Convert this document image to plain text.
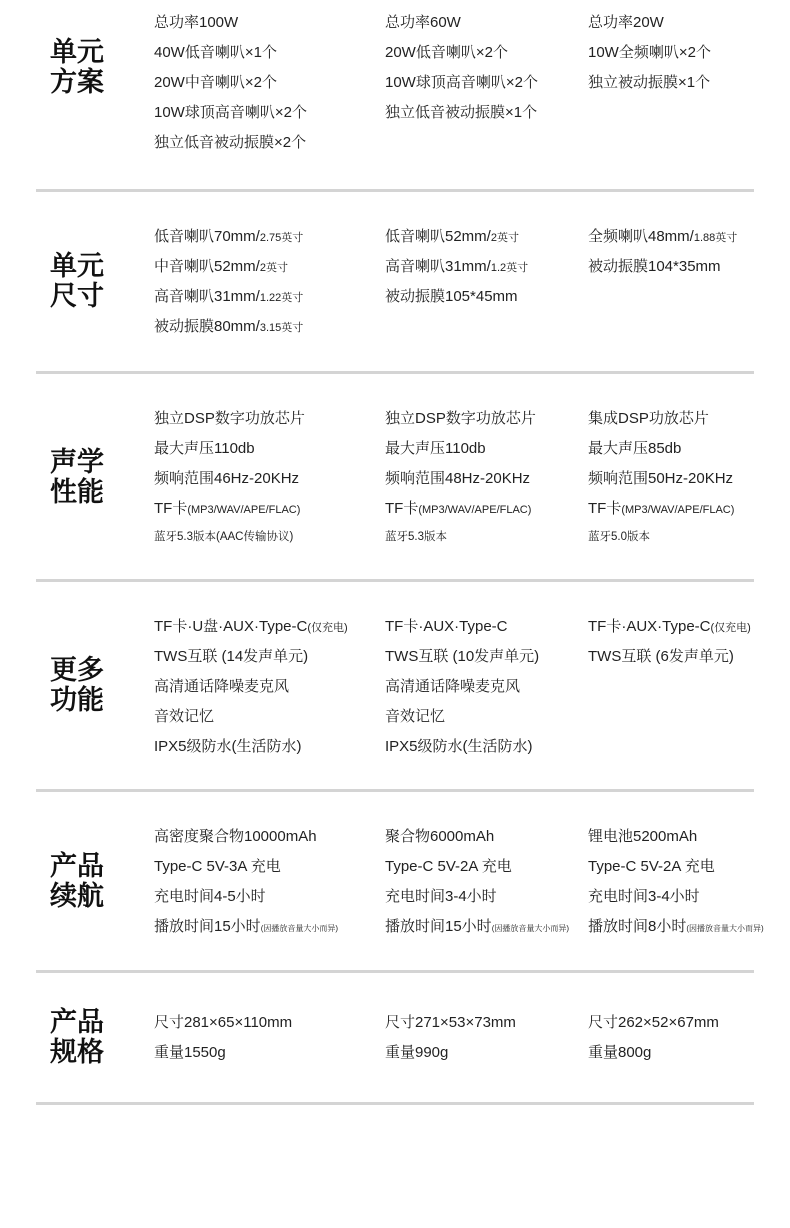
单元
方案
总功率100W
40W低音喇叭×1个
20W中音喇叭×2个
10W球顶高音喇叭×2个
独立低音被动振膜×2个
总功率60W
20W低音喇叭×2个
10W球顶高音喇叭×2个
独立低音被动振膜×1个
总功率20W
10W全频喇叭×2个
独立被动振膜×1个
单元
尺寸
低音喇叭70mm/2.75英寸
中音喇叭52mm/2英寸
高音喇叭31mm/1.22英寸
被动振膜80mm/3.15英寸
低音喇叭52mm/2英寸
高音喇叭31mm/1.2英寸
被动振膜105*45mm
全频喇叭48mm/1.88英寸
被动振膜104*35mm
声学
性能
独立DSP数字功放芯片
最大声压110db
频响范围46Hz-20KHz
TF卡(MP3/WAV/APE/FLAC)
蓝牙5.3版本(AAC传输协议)
独立DSP数字功放芯片
最大声压110db
频响范围48Hz-20KHz
TF卡(MP3/WAV/APE/FLAC)
蓝牙5.3版本
集成DSP功放芯片
最大声压85db
频响范围50Hz-20KHz
TF卡(MP3/WAV/APE/FLAC)
蓝牙5.0版本
更多
功能
TF卡·U盘·AUX·Type-C(仅充电)
TWS互联 (14发声单元)
高清通话降噪麦克风
音效记忆
IPX5级防水(生活防水)
TF卡·AUX·Type-C
TWS互联 (10发声单元)
高清通话降噪麦克风
音效记忆
IPX5级防水(生活防水)
TF卡·AUX·Type-C(仅充电)
TWS互联 (6发声单元)
产品
续航
高密度聚合物10000mAh
Type-C 5V-3A 充电
充电时间4-5小时
播放时间15小时(因播放音量大小而异)
聚合物6000mAh
Type-C 5V-2A 充电
充电时间3-4小时
播放时间15小时(因播放音量大小而异)
锂电池5200mAh
Type-C 5V-2A 充电
充电时间3-4小时
播放时间8小时(因播放音量大小而异)
产品
规格
尺寸281×65×110mm
重量1550g
尺寸271×53×73mm
重量990g
尺寸262×52×67mm
重量800g
